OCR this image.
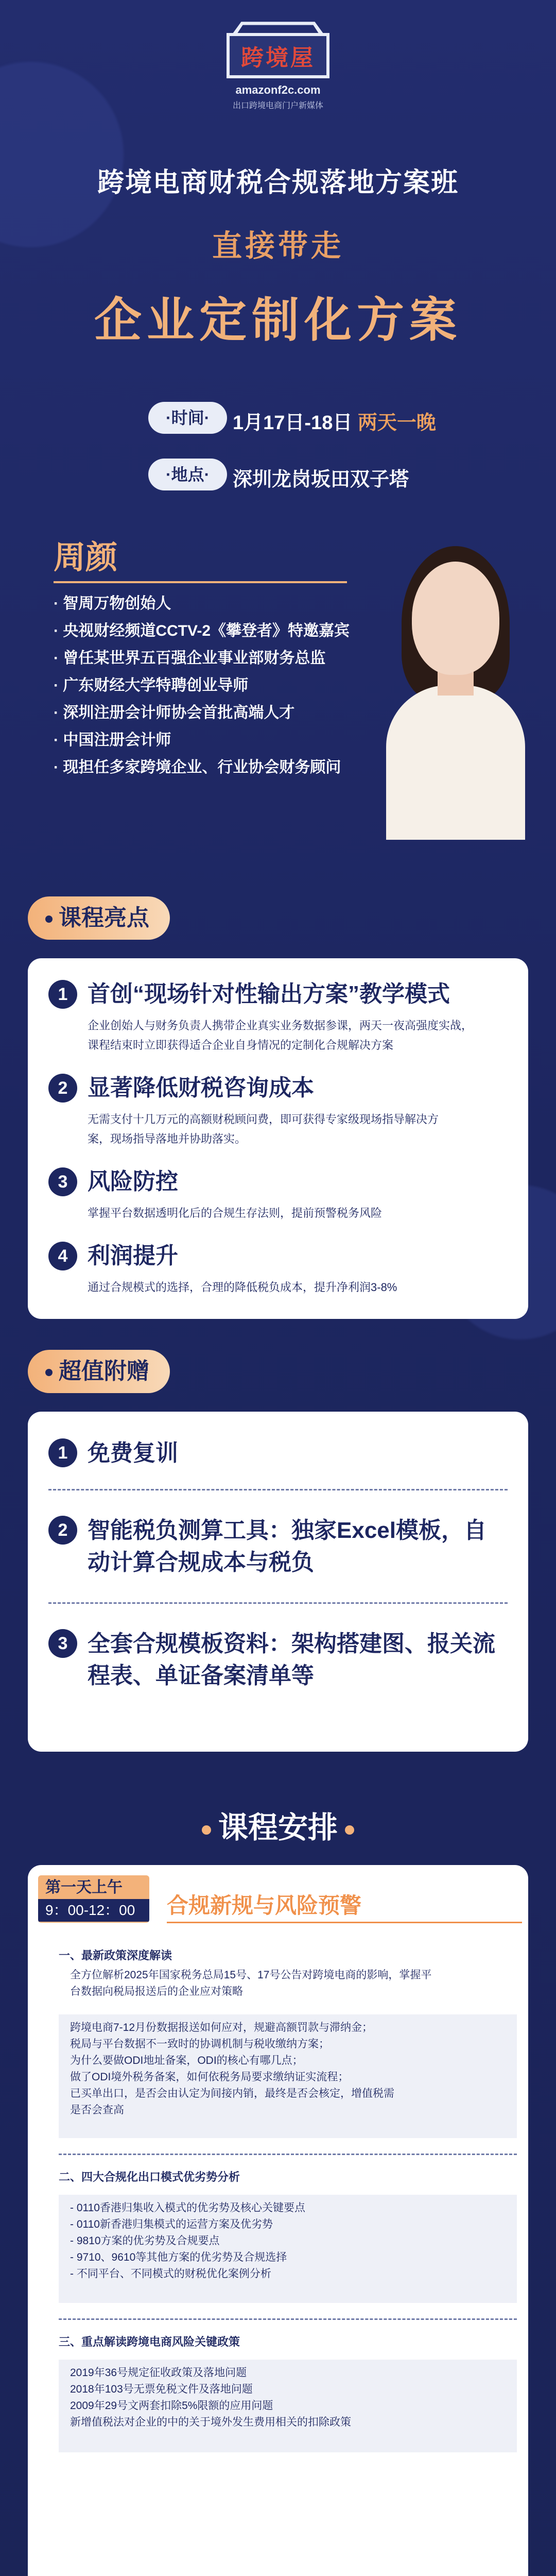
跨境屋
amazonf2c.com
出口跨境电商门户新媒体
跨境电商财税合规落地方案班
直接带走
企业定制化方案
·时间·	1月17日-18日 两天一晚
·地点·	深圳龙岗坂田双子塔
周颜
· 智周万物创始人
· 央视财经频道CCTV-2《攀登者》特邀嘉宾
· 曾任某世界五百强企业事业部财务总监
· 广东财经大学特聘创业导师
· 深圳注册会计师协会首批高端人才
· 中国注册会计师
· 现担任多家跨境企业、行业协会财务顾问
课程亮点
1 首创“现场针对性输出方案”教学模式
企业创始人与财务负责人携带企业真实业务数据参课，两天一夜高强度实战，
课程结束时立即获得适合企业自身情况的定制化合规解决方案
2 显著降低财税咨询成本
无需支付十几万元的高额财税顾问费，即可获得专家级现场指导解决方
案，现场指导落地并协助落实。
3 风险防控
掌握平台数据透明化后的合规生存法则，提前预警税务风险
4 利润提升
通过合规模式的选择，合理的降低税负成本，提升净利润3-8%
超值附赠
1 免费复训
2 智能税负测算工具：独家Excel模板，自动计算合规成本与税负
3 全套合规模板资料：架构搭建图、报关流程表、单证备案清单等
课程安排
第一天上午
9：00-12：00	合规新规与风险预警
一、最新政策深度解读

全方位解析2025年国家税务总局15号、17号公告对跨境电商的影响，掌握平

台数据向税局报送后的企业应对策略

跨境电商7-12月份数据报送如何应对，规避高额罚款与滞纳金；

税局与平台数据不一致时的协调机制与税收缴纳方案；

为什么要做ODI地址备案，ODI的核心有哪几点；

做了ODI境外税务备案，如何依税务局要求缴纳证实流程；

已买单出口，是否会由认定为间接内销，最终是否会核定，增值税需

是否会查高

二、四大合规化出口模式优劣势分析

- 0110香港归集收入模式的优劣势及核心关键要点

- 0110新香港归集模式的运营方案及优劣势

- 9810方案的优劣势及合规要点

- 9710、9610等其他方案的优劣势及合规选择

- 不同平台、不同模式的财税优化案例分析

三、重点解读跨境电商风险关键政策

2019年36号规定征收政策及落地问题

2018年103号无票免税文件及落地问题

2009年29号文两套扣除5%限额的应用问题

新增值税法对企业的中的关于境外发生费用相关的扣除政策
